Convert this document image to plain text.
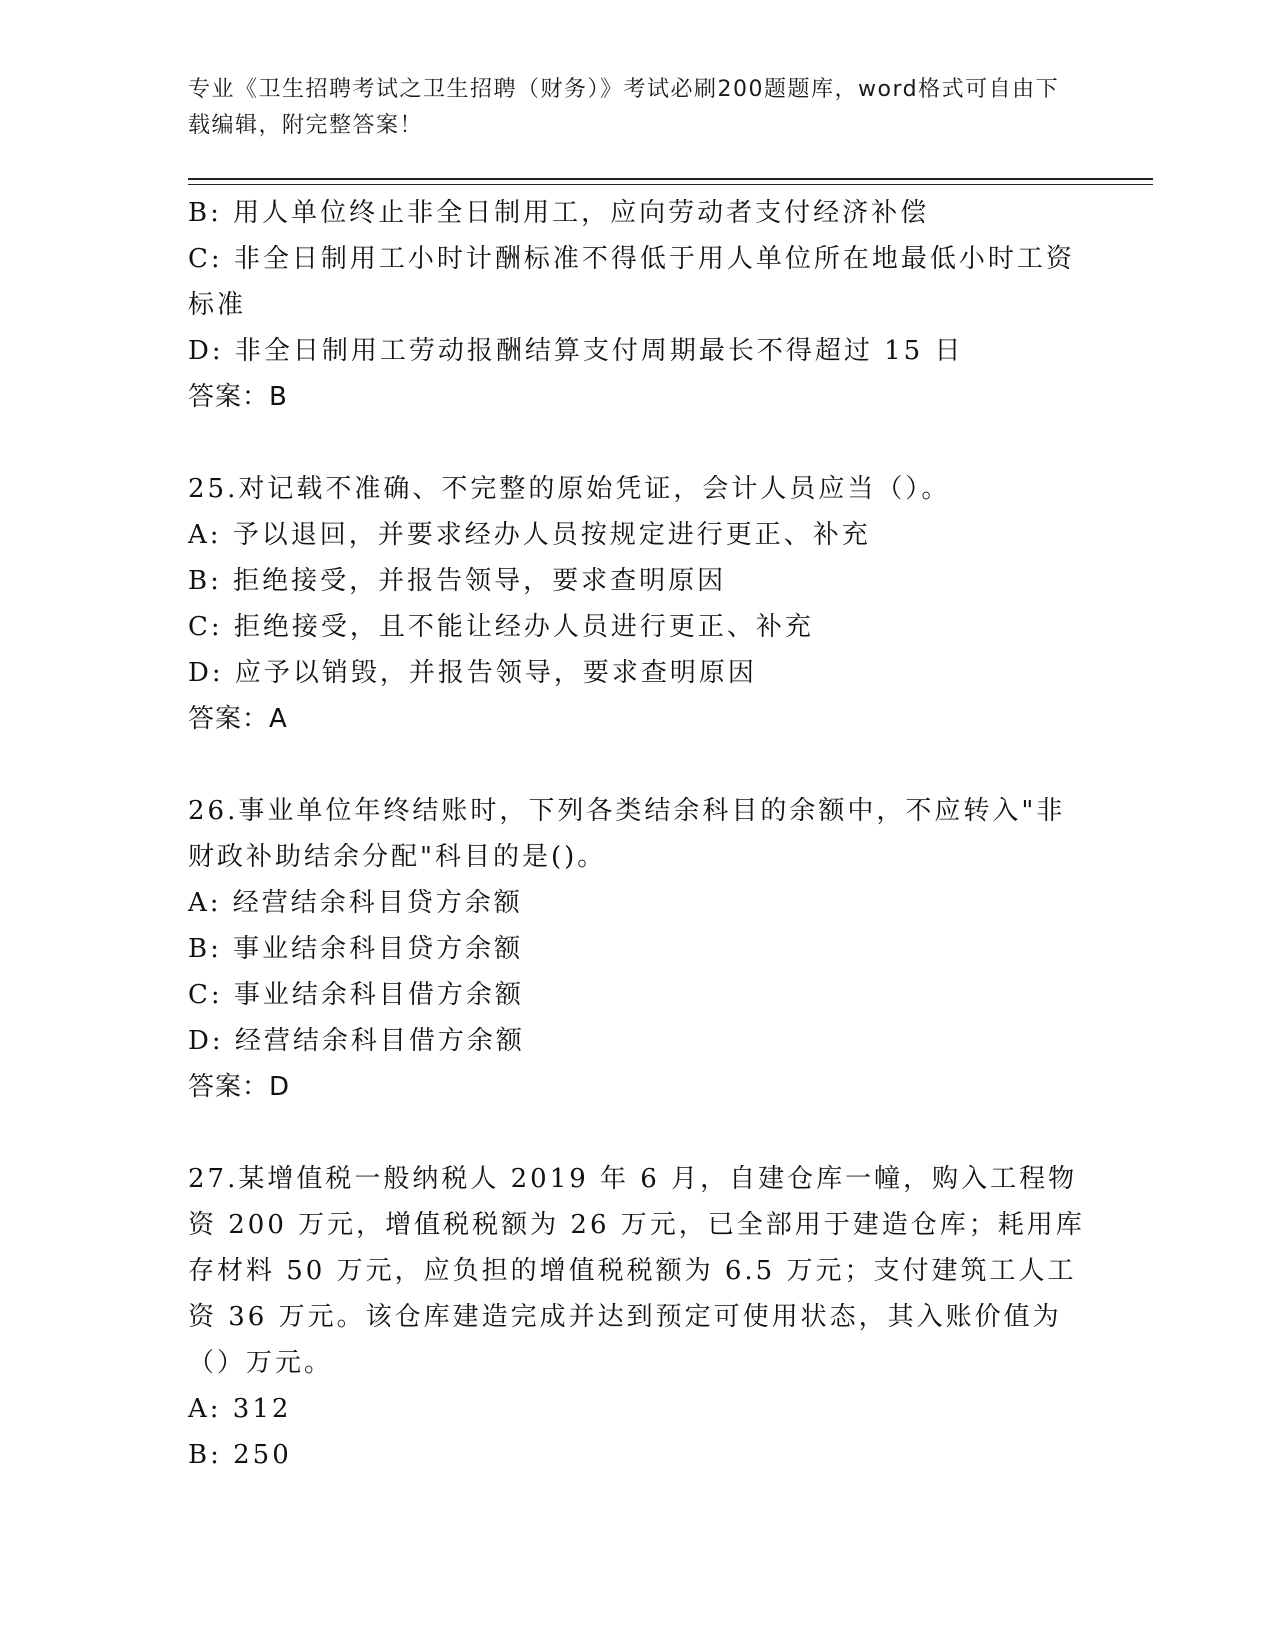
专业《卫生招聘考试之卫生招聘（财务）》考试必刷200题题库，word格式可自由下载编辑，附完整答案！

B: 用人单位终止非全日制用工，应向劳动者支付经济补偿

C: 非全日制用工小时计酬标准不得低于用人单位所在地最低小时工资标准

D: 非全日制用工劳动报酬结算支付周期最长不得超过 15 日

答案：B

25.对记载不准确、不完整的原始凭证，会计人员应当（）。

A: 予以退回，并要求经办人员按规定进行更正、补充

B: 拒绝接受，并报告领导，要求查明原因

C: 拒绝接受，且不能让经办人员进行更正、补充

D: 应予以销毁，并报告领导，要求查明原因

答案：A

26.事业单位年终结账时，下列各类结余科目的余额中，不应转入"非财政补助结余分配"科目的是()。

A: 经营结余科目贷方余额

B: 事业结余科目贷方余额

C: 事业结余科目借方余额

D: 经营结余科目借方余额

答案：D

27.某增值税一般纳税人 2019 年 6 月，自建仓库一幢，购入工程物资 200 万元，增值税税额为 26 万元，已全部用于建造仓库；耗用库存材料 50 万元，应负担的增值税税额为 6.5 万元；支付建筑工人工资 36 万元。该仓库建造完成并达到预定可使用状态，其入账价值为（）万元。

A: 312

B: 250
